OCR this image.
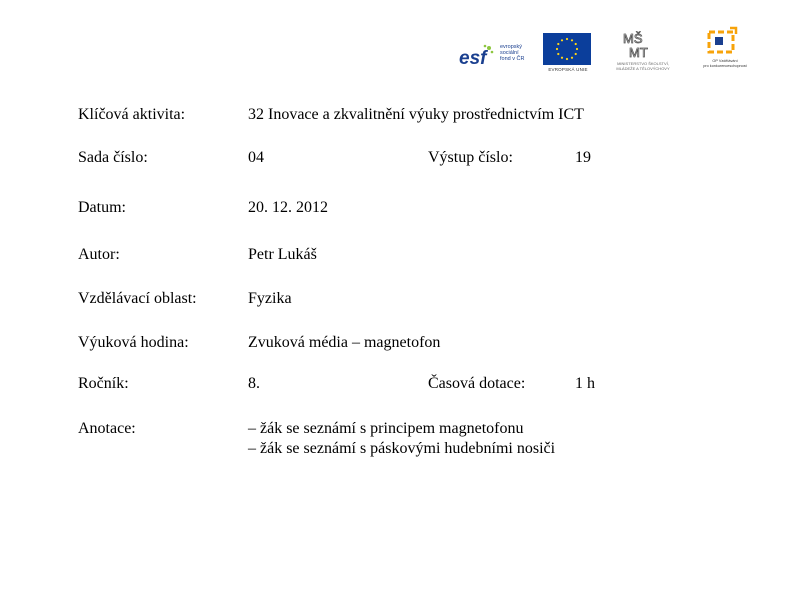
esf
evropský
sociální
fond v ČR
EVROPSKÁ UNIE
MŠ
MT
MINISTERSTVO ŠKOLSTVÍ,
MLÁDEŽE A TĚLOVÝCHOVY
OP Vzdělávání
pro konkurenceschopnost
Klíčová aktivita:	32 Inovace a zkvalitnění výuky prostřednictvím ICT
Sada číslo:	04	Výstup číslo:	19
Datum:	20. 12. 2012
Autor:	Petr Lukáš
Vzdělávací oblast:	Fyzika
Výuková hodina:	Zvuková média – magnetofon
Ročník:	8.	Časová dotace:	1 h
Anotace:	– žák se seznámí s principem magnetofonu
– žák se seznámí s páskovými hudebními nosiči
